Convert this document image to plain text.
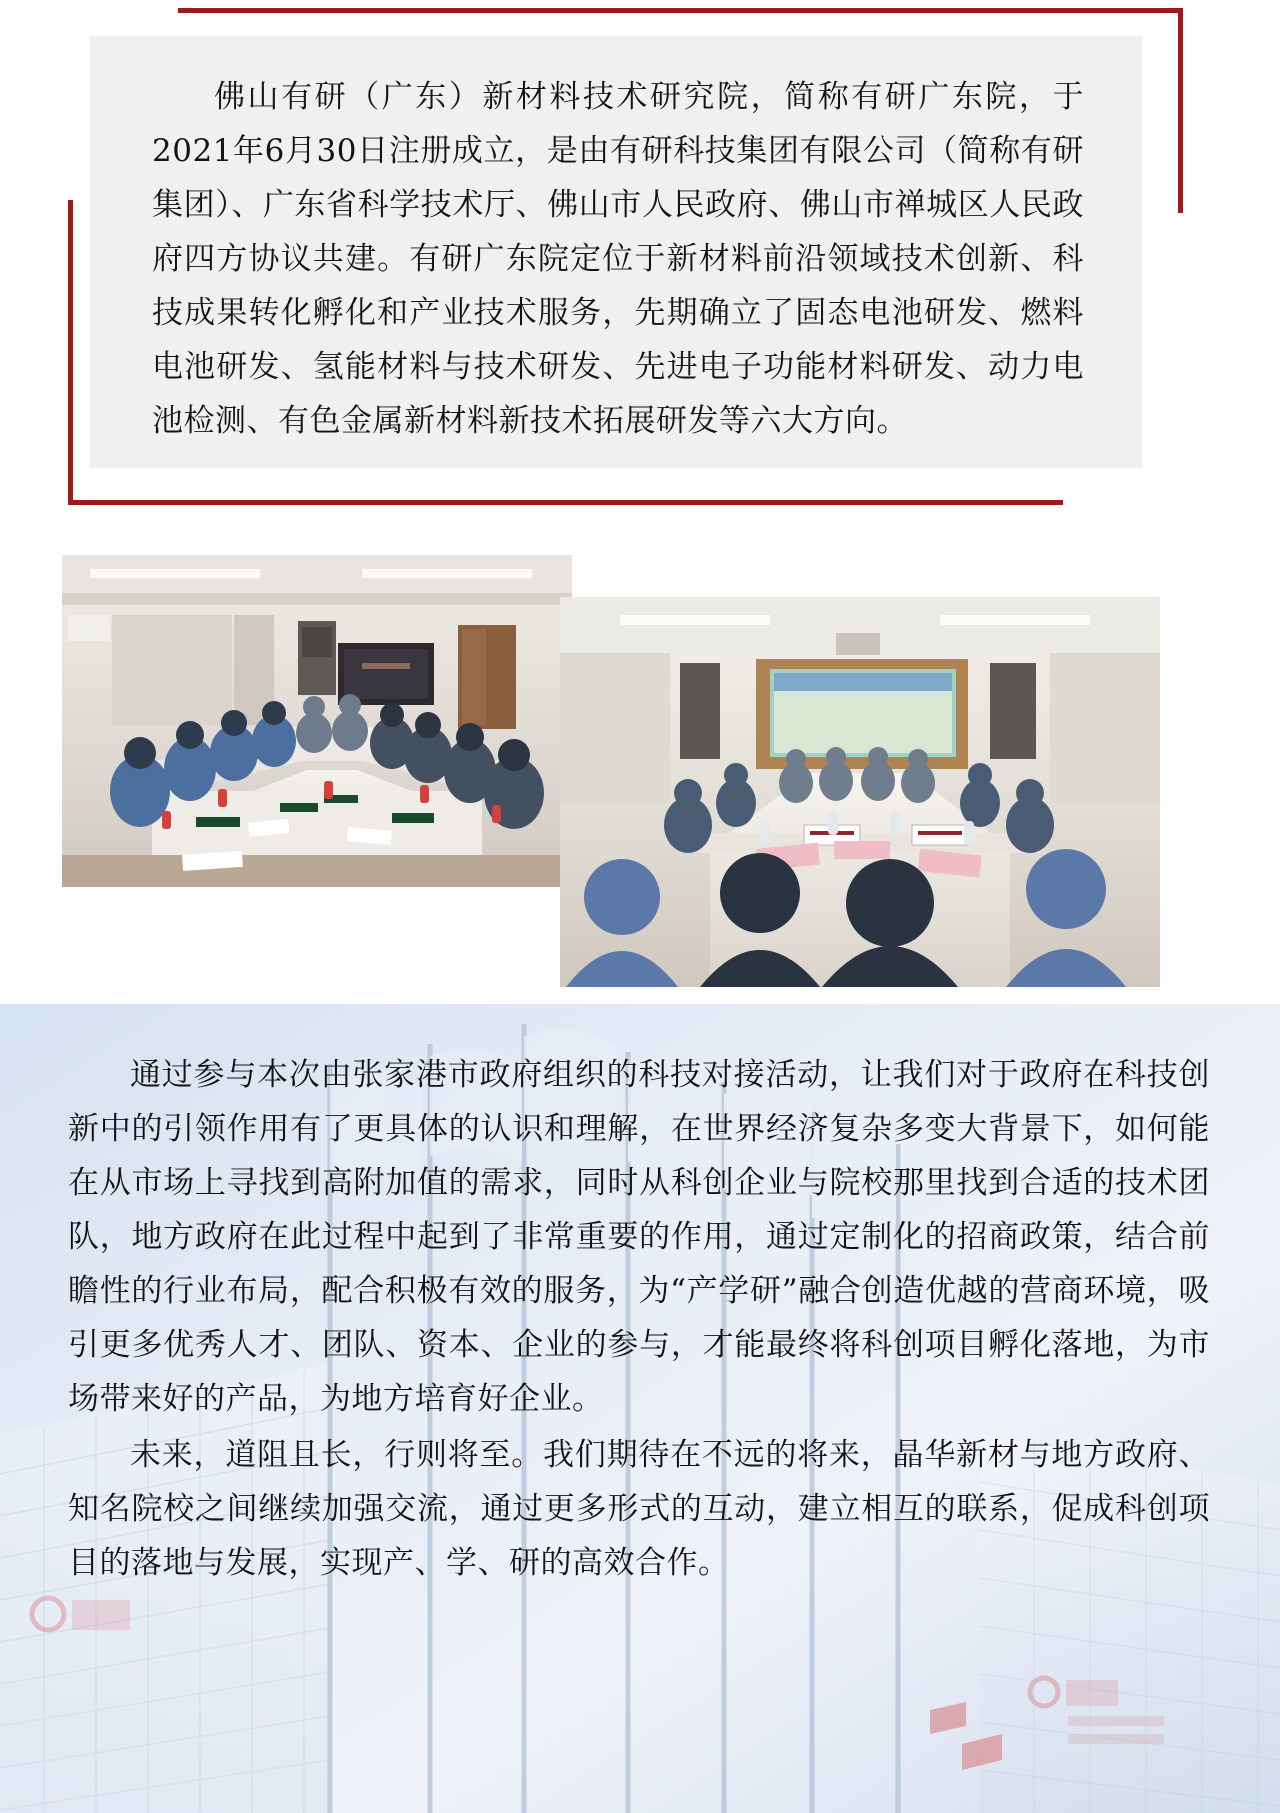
佛山有研（广东）新材料技术研究院，简称有研广东院，于2021年6月30日注册成立，是由有研科技集团有限公司（简称有研集团）、广东省科学技术厅、佛山市人民政府、佛山市禅城区人民政府四方协议共建。有研广东院定位于新材料前沿领域技术创新、科技成果转化孵化和产业技术服务，先期确立了固态电池研发、燃料电池研发、氢能材料与技术研发、先进电子功能材料研发、动力电池检测、有色金属新材料新技术拓展研发等六大方向。

通过参与本次由张家港市政府组织的科技对接活动，让我们对于政府在科技创新中的引领作用有了更具体的认识和理解，在世界经济复杂多变大背景下，如何能在从市场上寻找到高附加值的需求，同时从科创企业与院校那里找到合适的技术团队，地方政府在此过程中起到了非常重要的作用，通过定制化的招商政策，结合前瞻性的行业布局，配合积极有效的服务，为“产学研”融合创造优越的营商环境，吸引更多优秀人才、团队、资本、企业的参与，才能最终将科创项目孵化落地，为市场带来好的产品，为地方培育好企业。

未来，道阻且长，行则将至。我们期待在不远的将来，晶华新材与地方政府、知名院校之间继续加强交流，通过更多形式的互动，建立相互的联系，促成科创项目的落地与发展，实现产、学、研的高效合作。
